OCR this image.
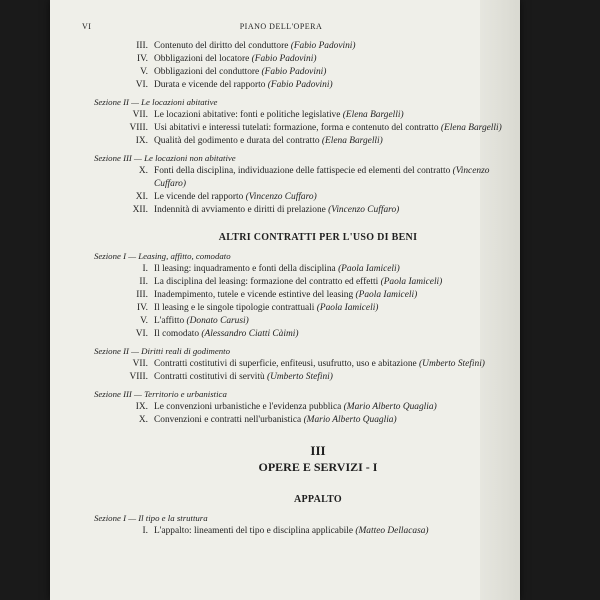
VI	PIANO DELL'OPERA
III. Contenuto del diritto del conduttore (Fabio Padovini)
IV. Obbligazioni del locatore (Fabio Padovini)
V. Obbligazioni del conduttore (Fabio Padovini)
VI. Durata e vicende del rapporto (Fabio Padovini)
Sezione II — Le locazioni abitative
VII. Le locazioni abitative: fonti e politiche legislative (Elena Bargelli)
VIII. Usi abitativi e interessi tutelati: formazione, forma e contenuto del contratto (Elena Bargelli)
IX. Qualità del godimento e durata del contratto (Elena Bargelli)
Sezione III — Le locazioni non abitative
X. Fonti della disciplina, individuazione delle fattispecie ed elementi del contratto (Vincenzo Cuffaro)
XI. Le vicende del rapporto (Vincenzo Cuffaro)
XII. Indennità di avviamento e diritti di prelazione (Vincenzo Cuffaro)
ALTRI CONTRATTI PER L'USO DI BENI
Sezione I — Leasing, affitto, comodato
I. Il leasing: inquadramento e fonti della disciplina (Paola Iamiceli)
II. La disciplina del leasing: formazione del contratto ed effetti (Paola Iamiceli)
III. Inadempimento, tutele e vicende estintive del leasing (Paola Iamiceli)
IV. Il leasing e le singole tipologie contrattuali (Paola Iamiceli)
V. L'affitto (Donato Carusi)
VI. Il comodato (Alessandro Ciatti Càimi)
Sezione II — Diritti reali di godimento
VII. Contratti costitutivi di superficie, enfiteusi, usufrutto, uso e abitazione (Umberto Stefini)
VIII. Contratti costitutivi di servitù (Umberto Stefini)
Sezione III — Territorio e urbanistica
IX. Le convenzioni urbanistiche e l'evidenza pubblica (Mario Alberto Quaglia)
X. Convenzioni e contratti nell'urbanistica (Mario Alberto Quaglia)
III
OPERE E SERVIZI - I
APPALTO
Sezione I — Il tipo e la struttura
I. L'appalto: lineamenti del tipo e disciplina applicabile (Matteo Dellacasa)
